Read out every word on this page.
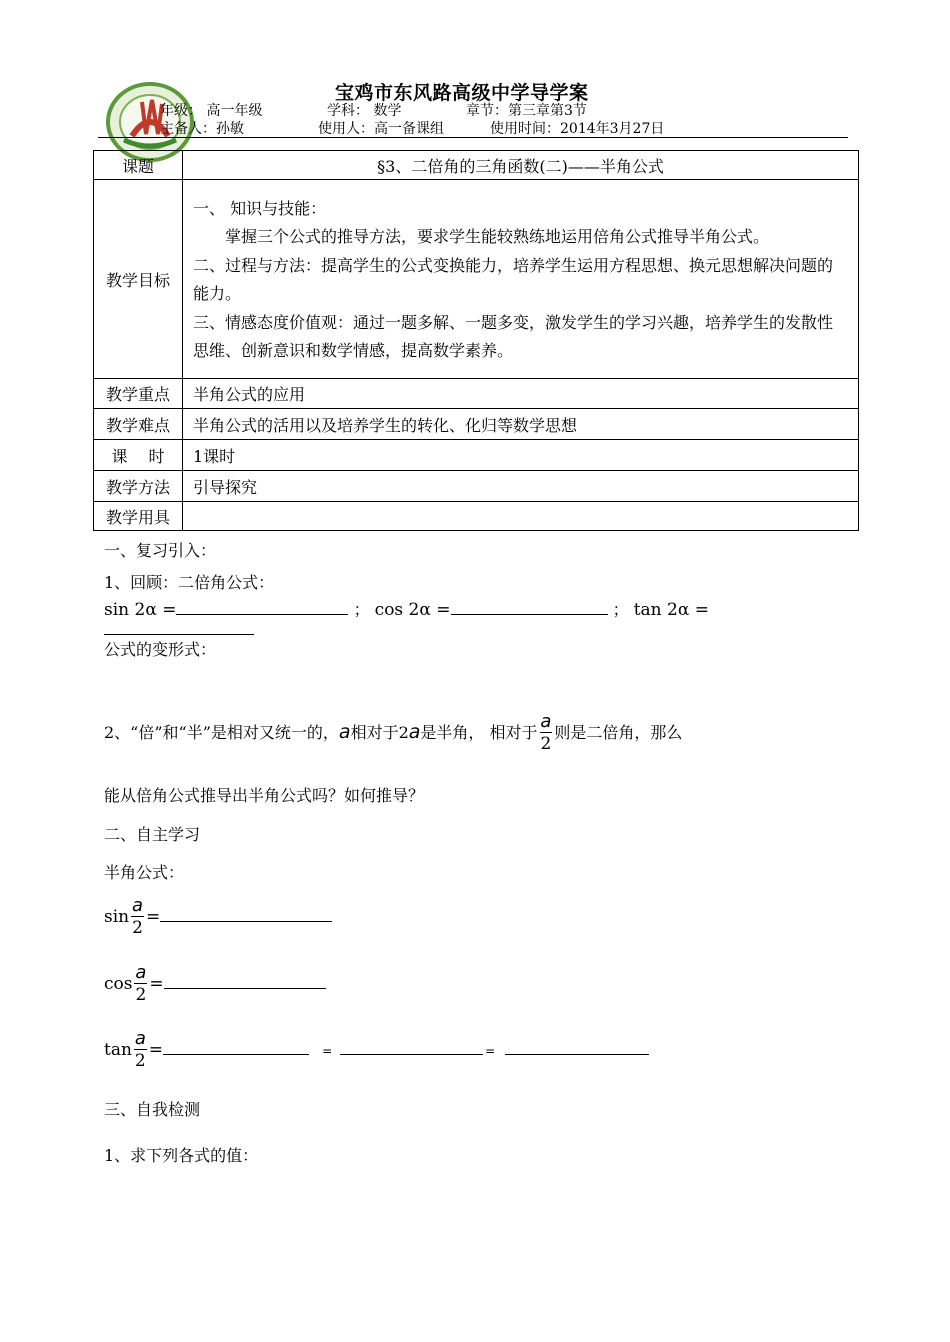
宝鸡市东风路高级中学导学案
年级： 高一年级	学科： 数学	章节：第三章第3节
主备人：孙敏	使用人：高一备课组	使用时间：2014年3月27日
课题	§3、二倍角的三角函数(二)——半角公式
教学目标	一、 知识与技能：
掌握三个公式的推导方法，要求学生能较熟练地运用倍角公式推导半角公式。
二、过程与方法：提高学生的公式变换能力，培养学生运用方程思想、换元思想解决问题的能力。
三、情感态度价值观：通过一题多解、一题多变，激发学生的学习兴趣，培养学生的发散性思维、创新意识和数学情感，提高数学素养。

教学重点	半角公式的应用
教学难点	半角公式的活用以及培养学生的转化、化归等数学思想
课　 时	1课时
教学方法	引导探究
教学用具	
一、复习引入：
1、回顾：二倍角公式：
sin 2α =	； cos 2α =	； tan 2α =
公式的变形式：
2、“倍”和“半”是相对又统一的，a相对于2a是半角， 相对于 $\frac{a}{2}$ 则是二倍角，那么
能从倍角公式推导出半角公式吗？如何推导？
二、自主学习
半角公式：
$\sin \frac{a}{2}$ =
$\cos \frac{a}{2}$ =
$\tan \frac{a}{2}$ =	=	=
三、自我检测
1、求下列各式的值：
